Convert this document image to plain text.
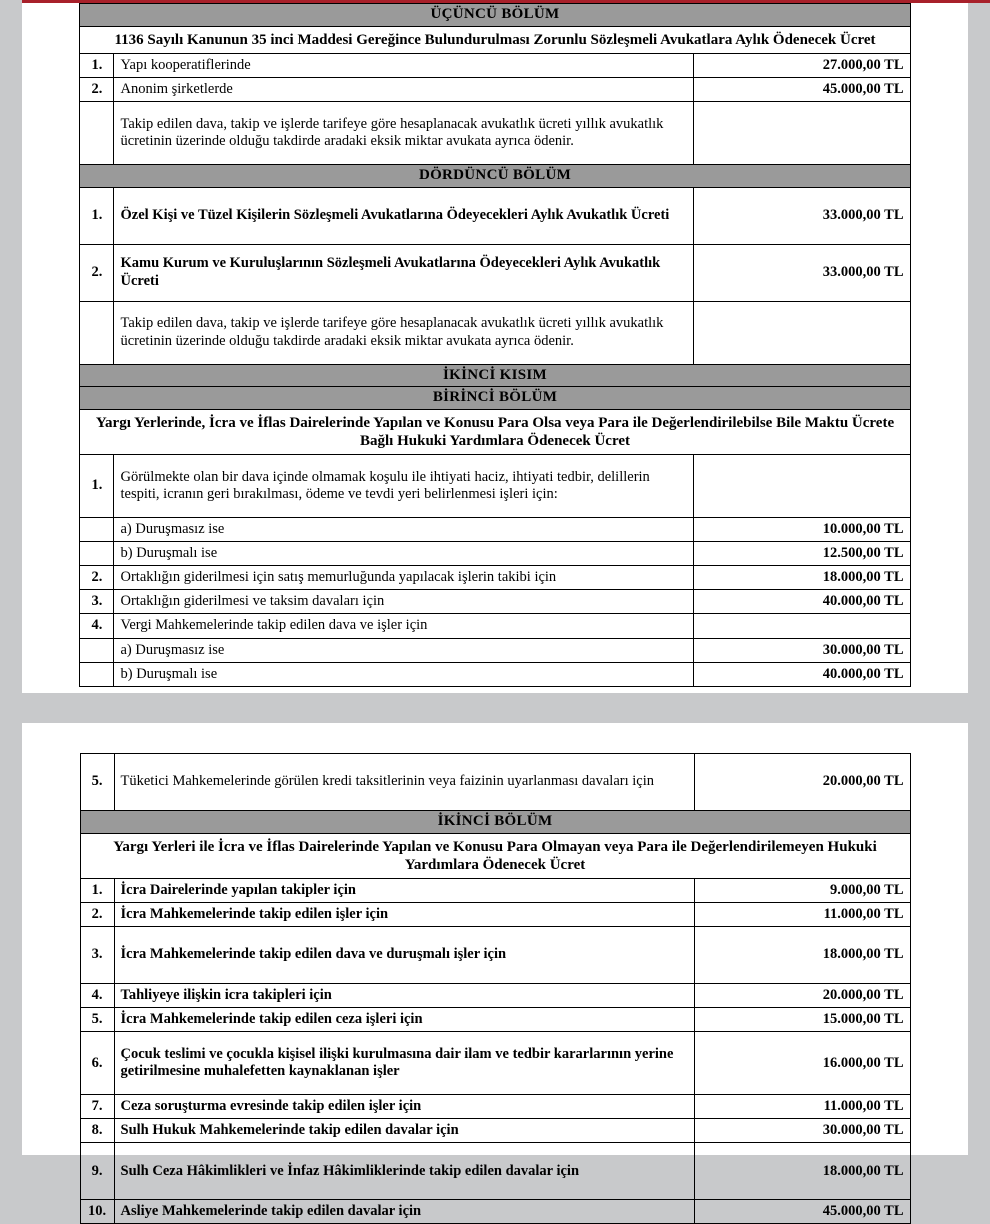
ÜÇÜNCÜ BÖLÜM		
1136 Sayılı Kanunun 35 inci Maddesi Gereğince Bulundurulması Zorunlu Sözleşmeli Avukatlara Aylık Ödenecek Ücret		
1.	Yapı kooperatiflerinde	27.000,00 TL
2.	Anonim şirketlerde	45.000,00 TL
	Takip edilen dava, takip ve işlerde tarifeye göre hesaplanacak avukatlık ücreti yıllık avukatlık ücretinin üzerinde olduğu takdirde aradaki eksik miktar avukata ayrıca ödenir.	
DÖRDÜNCÜ BÖLÜM		
1.	Özel Kişi ve Tüzel Kişilerin Sözleşmeli Avukatlarına Ödeyecekleri Aylık Avukatlık Ücreti	33.000,00 TL
2.	Kamu Kurum ve Kuruluşlarının Sözleşmeli Avukatlarına Ödeyecekleri Aylık Avukatlık Ücreti	33.000,00 TL
	Takip edilen dava, takip ve işlerde tarifeye göre hesaplanacak avukatlık ücreti yıllık avukatlık ücretinin üzerinde olduğu takdirde aradaki eksik miktar avukata ayrıca ödenir.	
İKİNCİ KISIM		
BİRİNCİ BÖLÜM		
Yargı Yerlerinde, İcra ve İflas Dairelerinde Yapılan ve Konusu Para Olsa veya Para ile Değerlendirilebilse Bile Maktu Ücrete Bağlı Hukuki Yardımlara Ödenecek Ücret		
1.	Görülmekte olan bir dava içinde olmamak koşulu ile ihtiyati haciz, ihtiyati tedbir, delillerin tespiti, icranın geri bırakılması, ödeme ve tevdi yeri belirlenmesi işleri için:	
	a) Duruşmasız ise	10.000,00 TL
	b) Duruşmalı ise	12.500,00 TL
2.	Ortaklığın giderilmesi için satış memurluğunda yapılacak işlerin takibi için	18.000,00 TL
3.	Ortaklığın giderilmesi ve taksim davaları için	40.000,00 TL
4.	Vergi Mahkemelerinde takip edilen dava ve işler için	
	a) Duruşmasız ise	30.000,00 TL
	b) Duruşmalı ise	40.000,00 TL
5.	Tüketici Mahkemelerinde görülen kredi taksitlerinin veya faizinin uyarlanması davaları için	20.000,00 TL
İKİNCİ BÖLÜM		
Yargı Yerleri ile İcra ve İflas Dairelerinde Yapılan ve Konusu Para Olmayan veya Para ile Değerlendirilemeyen Hukuki Yardımlara Ödenecek Ücret		
1.	İcra Dairelerinde yapılan takipler için	9.000,00 TL
2.	İcra Mahkemelerinde takip edilen işler için	11.000,00 TL
3.	İcra Mahkemelerinde takip edilen dava ve duruşmalı işler için	18.000,00 TL
4.	Tahliyeye ilişkin icra takipleri için	20.000,00 TL
5.	İcra Mahkemelerinde takip edilen ceza işleri için	15.000,00 TL
6.	Çocuk teslimi ve çocukla kişisel ilişki kurulmasına dair ilam ve tedbir kararlarının yerine getirilmesine muhalefetten kaynaklanan işler	16.000,00 TL
7.	Ceza soruşturma evresinde takip edilen işler için	11.000,00 TL
8.	Sulh Hukuk Mahkemelerinde takip edilen davalar için	30.000,00 TL
9.	Sulh Ceza Hâkimlikleri ve İnfaz Hâkimliklerinde takip edilen davalar için	18.000,00 TL
10.	Asliye Mahkemelerinde takip edilen davalar için	45.000,00 TL
